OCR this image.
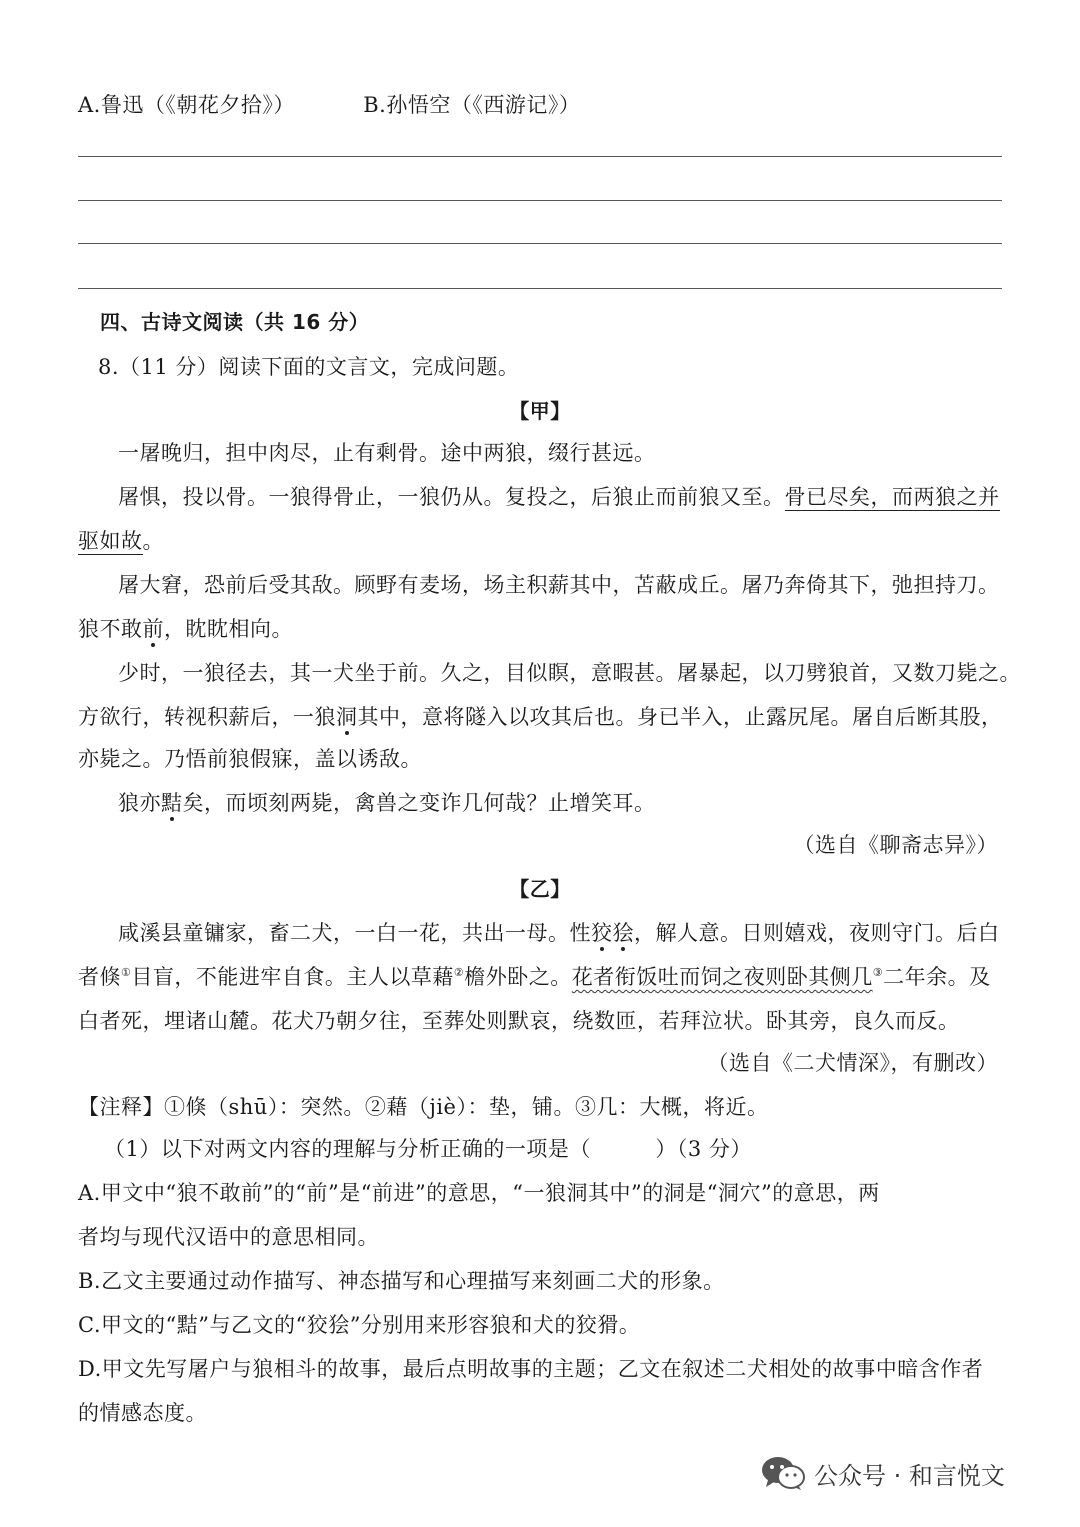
A.鲁迅（《朝花夕拾》）	B.孙悟空（《西游记》）
四、古诗文阅读（共 16 分）
8.（11 分）阅读下面的文言文，完成问题。
【甲】
一屠晚归，担中肉尽，止有剩骨。途中两狼，缀行甚远。
屠惧，投以骨。一狼得骨止，一狼仍从。复投之，后狼止而前狼又至。骨已尽矣，而两狼之并
驱如故。
屠大窘，恐前后受其敌。顾野有麦场，场主积薪其中，苫蔽成丘。屠乃奔倚其下，弛担持刀。
狼不敢前，眈眈相向。
少时，一狼径去，其一犬坐于前。久之，目似瞑，意暇甚。屠暴起，以刀劈狼首，又数刀毙之。
方欲行，转视积薪后，一狼洞其中，意将隧入以攻其后也。身已半入，止露尻尾。屠自后断其股，
亦毙之。乃悟前狼假寐，盖以诱敌。
狼亦黠矣，而顷刻两毙，禽兽之变诈几何哉？止增笑耳。
（选自《聊斋志异》）
【乙】
咸溪县童镛家，畜二犬，一白一花，共出一母。性狡狯，解人意。日则嬉戏，夜则守门。后白
者倏①目盲，不能进牢自食。主人以草藉②檐外卧之。花者衔饭吐而饲之夜则卧其侧几③二年余。及
白者死，埋诸山麓。花犬乃朝夕往，至葬处则默哀，绕数匝，若拜泣状。卧其旁，良久而反。
（选自《二犬情深》，有删改）
【注释】①倏（shū）：突然。②藉（jiè）：垫，铺。③几：大概，将近。
（1）以下对两文内容的理解与分析正确的一项是（　　　）（3 分）
A.甲文中“狼不敢前”的“前”是“前进”的意思，“一狼洞其中”的洞是“洞穴”的意思，两
者均与现代汉语中的意思相同。
B.乙文主要通过动作描写、神态描写和心理描写来刻画二犬的形象。
C.甲文的“黠”与乙文的“狡狯”分别用来形容狼和犬的狡猾。
D.甲文先写屠户与狼相斗的故事，最后点明故事的主题；乙文在叙述二犬相处的故事中暗含作者
的情感态度。
公众号 · 和言悦文
